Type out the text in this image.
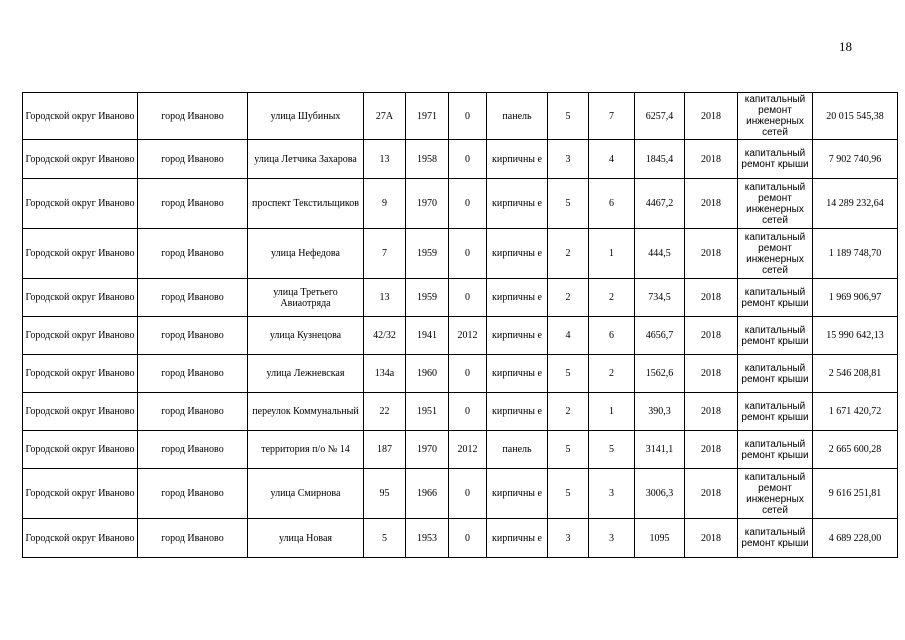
18
Городской округ Иваново	город Иваново	улица Шубиных	27А	1971	0	панель	5	7	6257,4	2018	капитальный ремонт инженерных сетей	20 015 545,38
Городской округ Иваново	город Иваново	улица Летчика Захарова	13	1958	0	кирпичны е	3	4	1845,4	2018	капитальный ремонт крыши	7 902 740,96
Городской округ Иваново	город Иваново	проспект Текстильщиков	9	1970	0	кирпичны е	5	6	4467,2	2018	капитальный ремонт инженерных сетей	14 289 232,64
Городской округ Иваново	город Иваново	улица Нефедова	7	1959	0	кирпичны е	2	1	444,5	2018	капитальный ремонт инженерных сетей	1 189 748,70
Городской округ Иваново	город Иваново	улица Третьего Авиаотряда	13	1959	0	кирпичны е	2	2	734,5	2018	капитальный ремонт крыши	1 969 906,97
Городской округ Иваново	город Иваново	улица Кузнецова	42/32	1941	2012	кирпичны е	4	6	4656,7	2018	капитальный ремонт крыши	15 990 642,13
Городской округ Иваново	город Иваново	улица Лежневская	134а	1960	0	кирпичны е	5	2	1562,6	2018	капитальный ремонт крыши	2 546 208,81
Городской округ Иваново	город Иваново	переулок Коммунальный	22	1951	0	кирпичны е	2	1	390,3	2018	капитальный ремонт крыши	1 671 420,72
Городской округ Иваново	город Иваново	территория п/о № 14	187	1970	2012	панель	5	5	3141,1	2018	капитальный ремонт крыши	2 665 600,28
Городской округ Иваново	город Иваново	улица Смирнова	95	1966	0	кирпичны е	5	3	3006,3	2018	капитальный ремонт инженерных сетей	9 616 251,81
Городской округ Иваново	город Иваново	улица Новая	5	1953	0	кирпичны е	3	3	1095	2018	капитальный ремонт крыши	4 689 228,00
